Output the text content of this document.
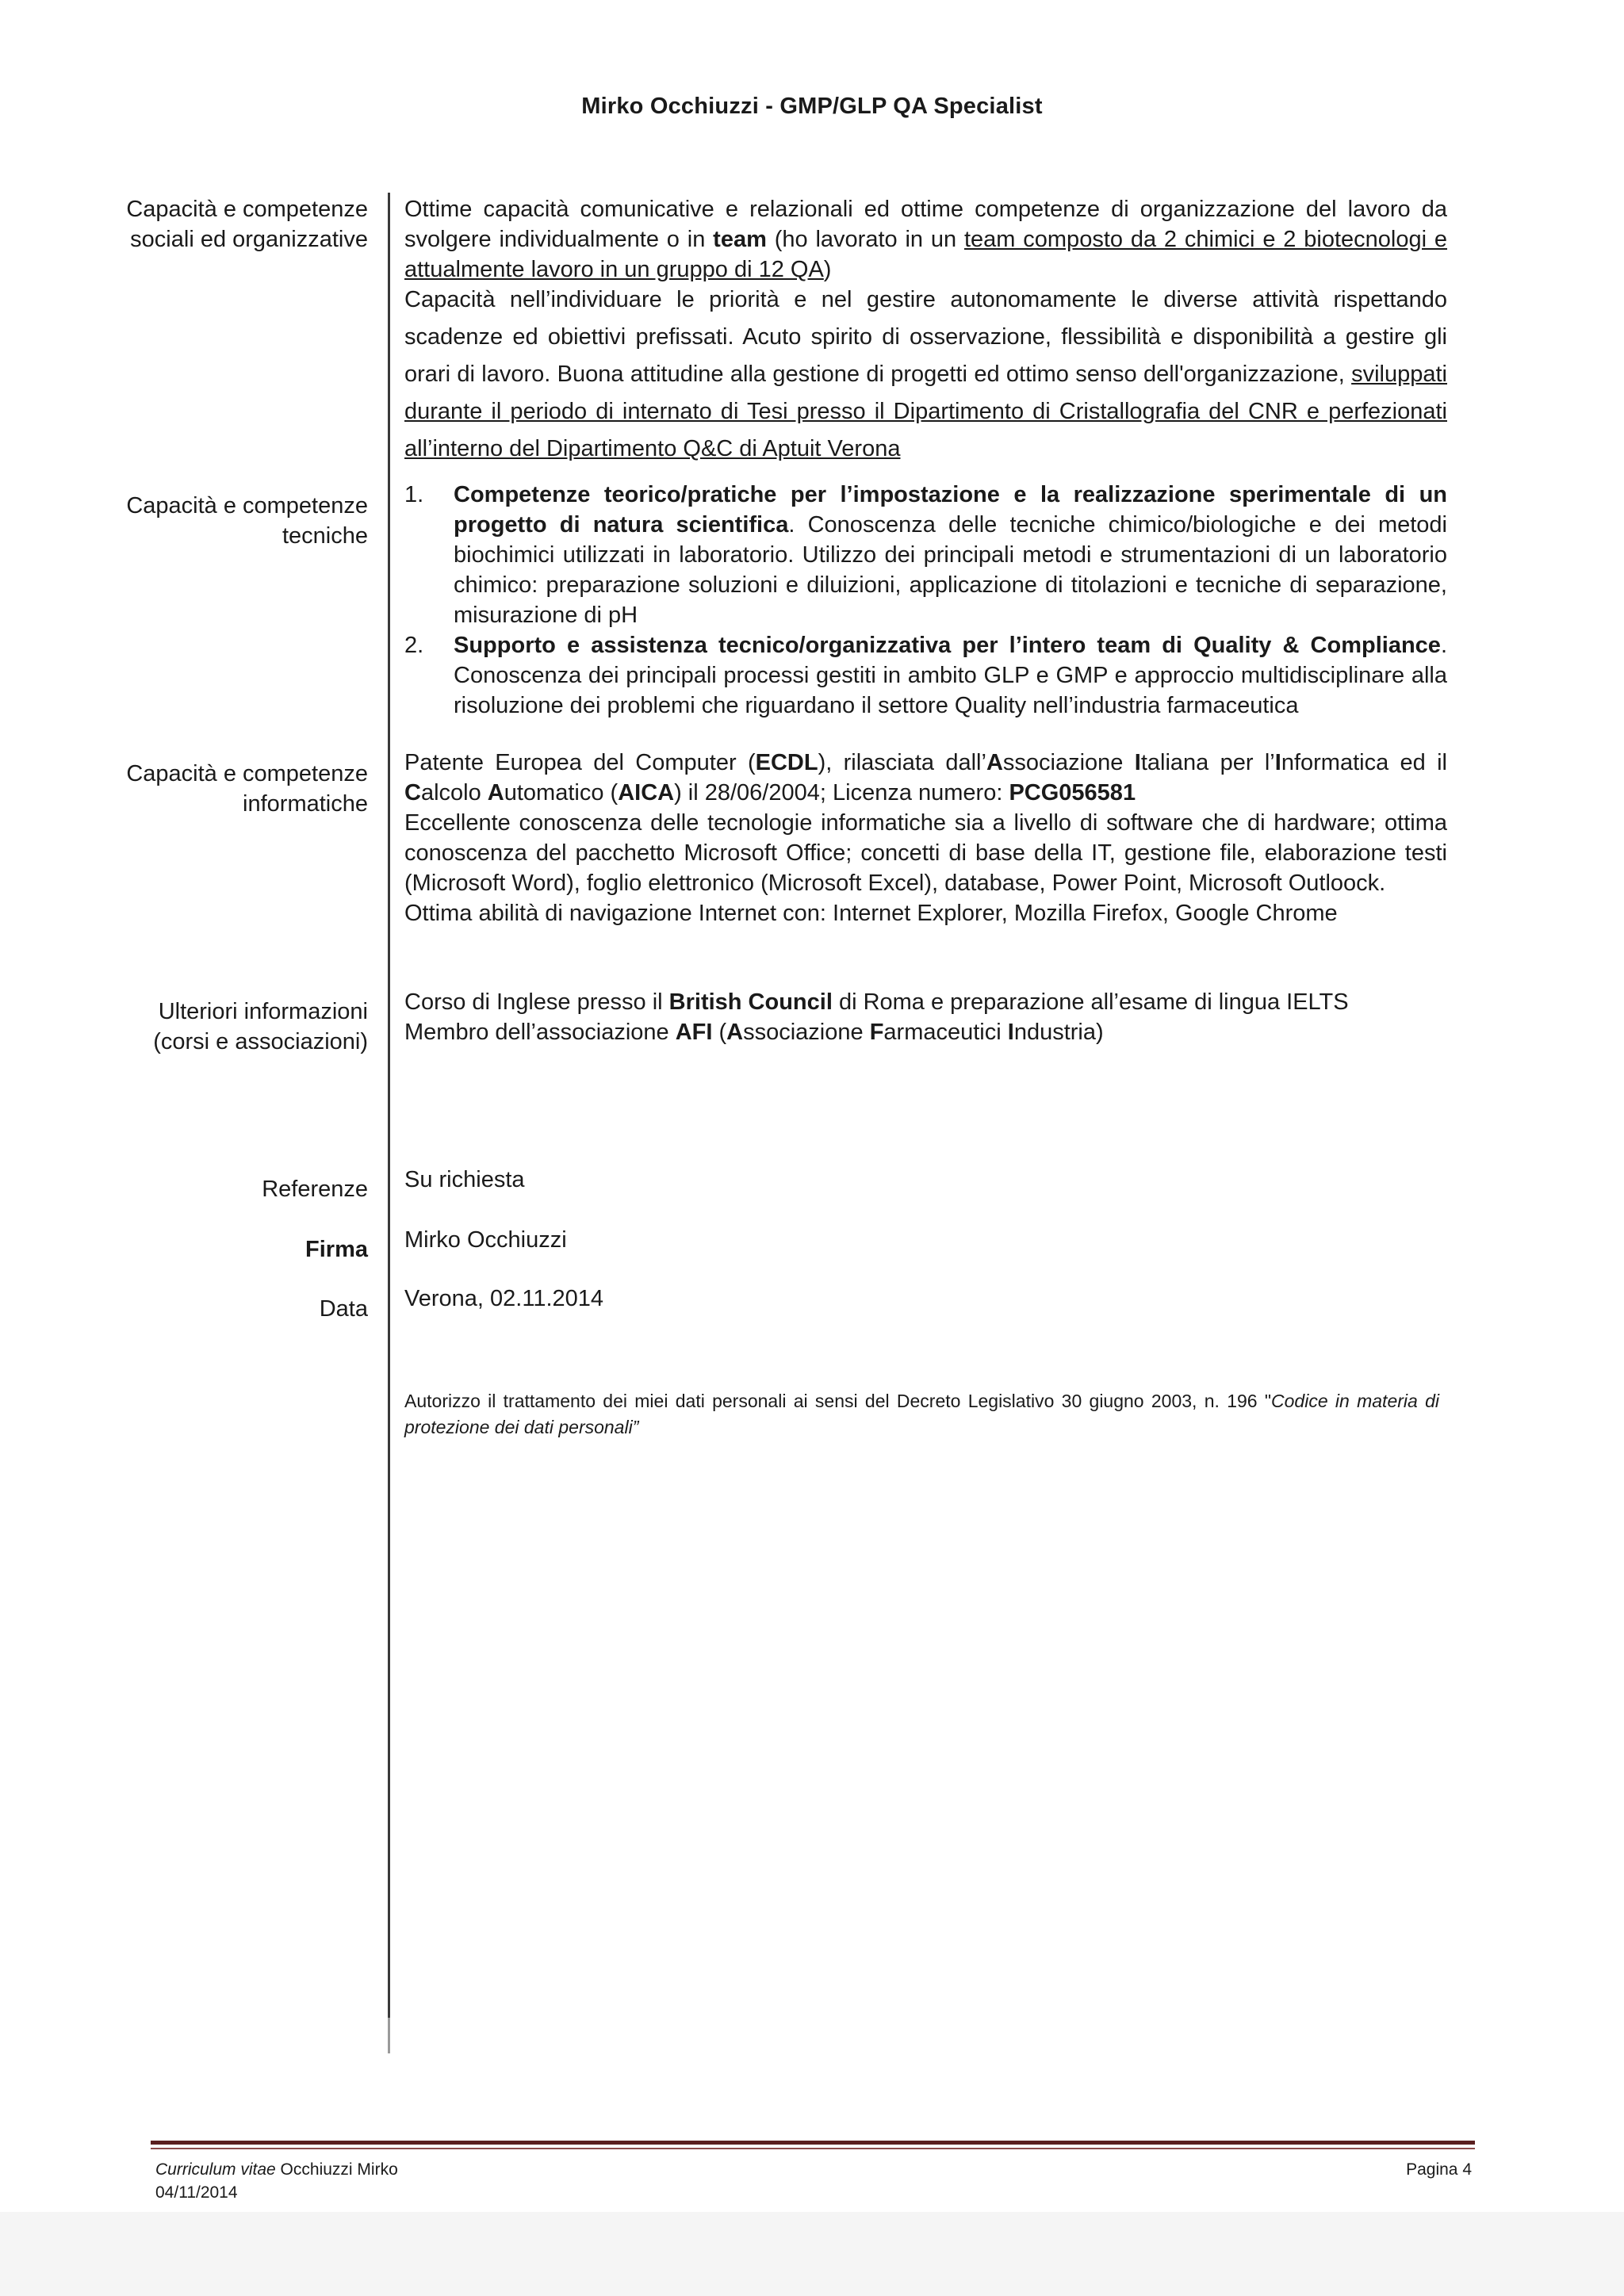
Mirko Occhiuzzi - GMP/GLP QA Specialist
Capacità e competenze
sociali ed organizzative

Ottime capacità comunicative e relazionali ed ottime competenze di organizzazione del lavoro da svolgere individualmente o in team (ho lavorato in un team composto da 2 chimici e 2 biotecnologi e attualmente lavoro in un gruppo di 12 QA)

Capacità nell’individuare le priorità e nel gestire autonomamente le diverse attività rispettando scadenze ed obiettivi prefissati. Acuto spirito di osservazione, flessibilità e disponibilità a gestire gli orari di lavoro. Buona attitudine alla gestione di progetti ed ottimo senso dell'organizzazione, sviluppati durante il periodo di internato di Tesi presso il Dipartimento di Cristallografia del CNR e perfezionati all’interno del Dipartimento Q&C di Aptuit Verona

Capacità e competenze
tecniche
1. Competenze teorico/pratiche per l’impostazione e la realizzazione sperimentale di un progetto di natura scientifica. Conoscenza delle tecniche chimico/biologiche e dei metodi biochimici utilizzati in laboratorio. Utilizzo dei principali metodi e strumentazioni di un laboratorio chimico: preparazione soluzioni e diluizioni, applicazione di titolazioni e tecniche di separazione, misurazione di pH
2. Supporto e assistenza tecnico/organizzativa per l’intero team di Quality & Compliance. Conoscenza dei principali processi gestiti in ambito GLP e GMP e approccio multidisciplinare alla risoluzione dei problemi che riguardano il settore Quality nell’industria farmaceutica
Capacità e competenze
informatiche

Patente Europea del Computer (ECDL), rilasciata dall’Associazione Italiana per l’Informatica ed il Calcolo Automatico (AICA) il 28/06/2004; Licenza numero: PCG056581

Eccellente conoscenza delle tecnologie informatiche sia a livello di software che di hardware; ottima conoscenza del pacchetto Microsoft Office; concetti di base della IT, gestione file, elaborazione testi (Microsoft Word), foglio elettronico (Microsoft Excel), database, Power Point, Microsoft Outloock.

Ottima abilità di navigazione Internet con: Internet Explorer, Mozilla Firefox, Google Chrome

Ulteriori informazioni
(corsi e associazioni)

Corso di Inglese presso il British Council di Roma e preparazione all’esame di lingua IELTS

Membro dell’associazione AFI (Associazione Farmaceutici Industria)

Referenze Su richiesta
Firma Mirko Occhiuzzi
Data Verona, 02.11.2014
Autorizzo il trattamento dei miei dati personali ai sensi del Decreto Legislativo 30 giugno 2003, n. 196 "Codice in materia di protezione dei dati personali”
Curriculum vitae Occhiuzzi Mirko
04/11/2014
Pagina 4
